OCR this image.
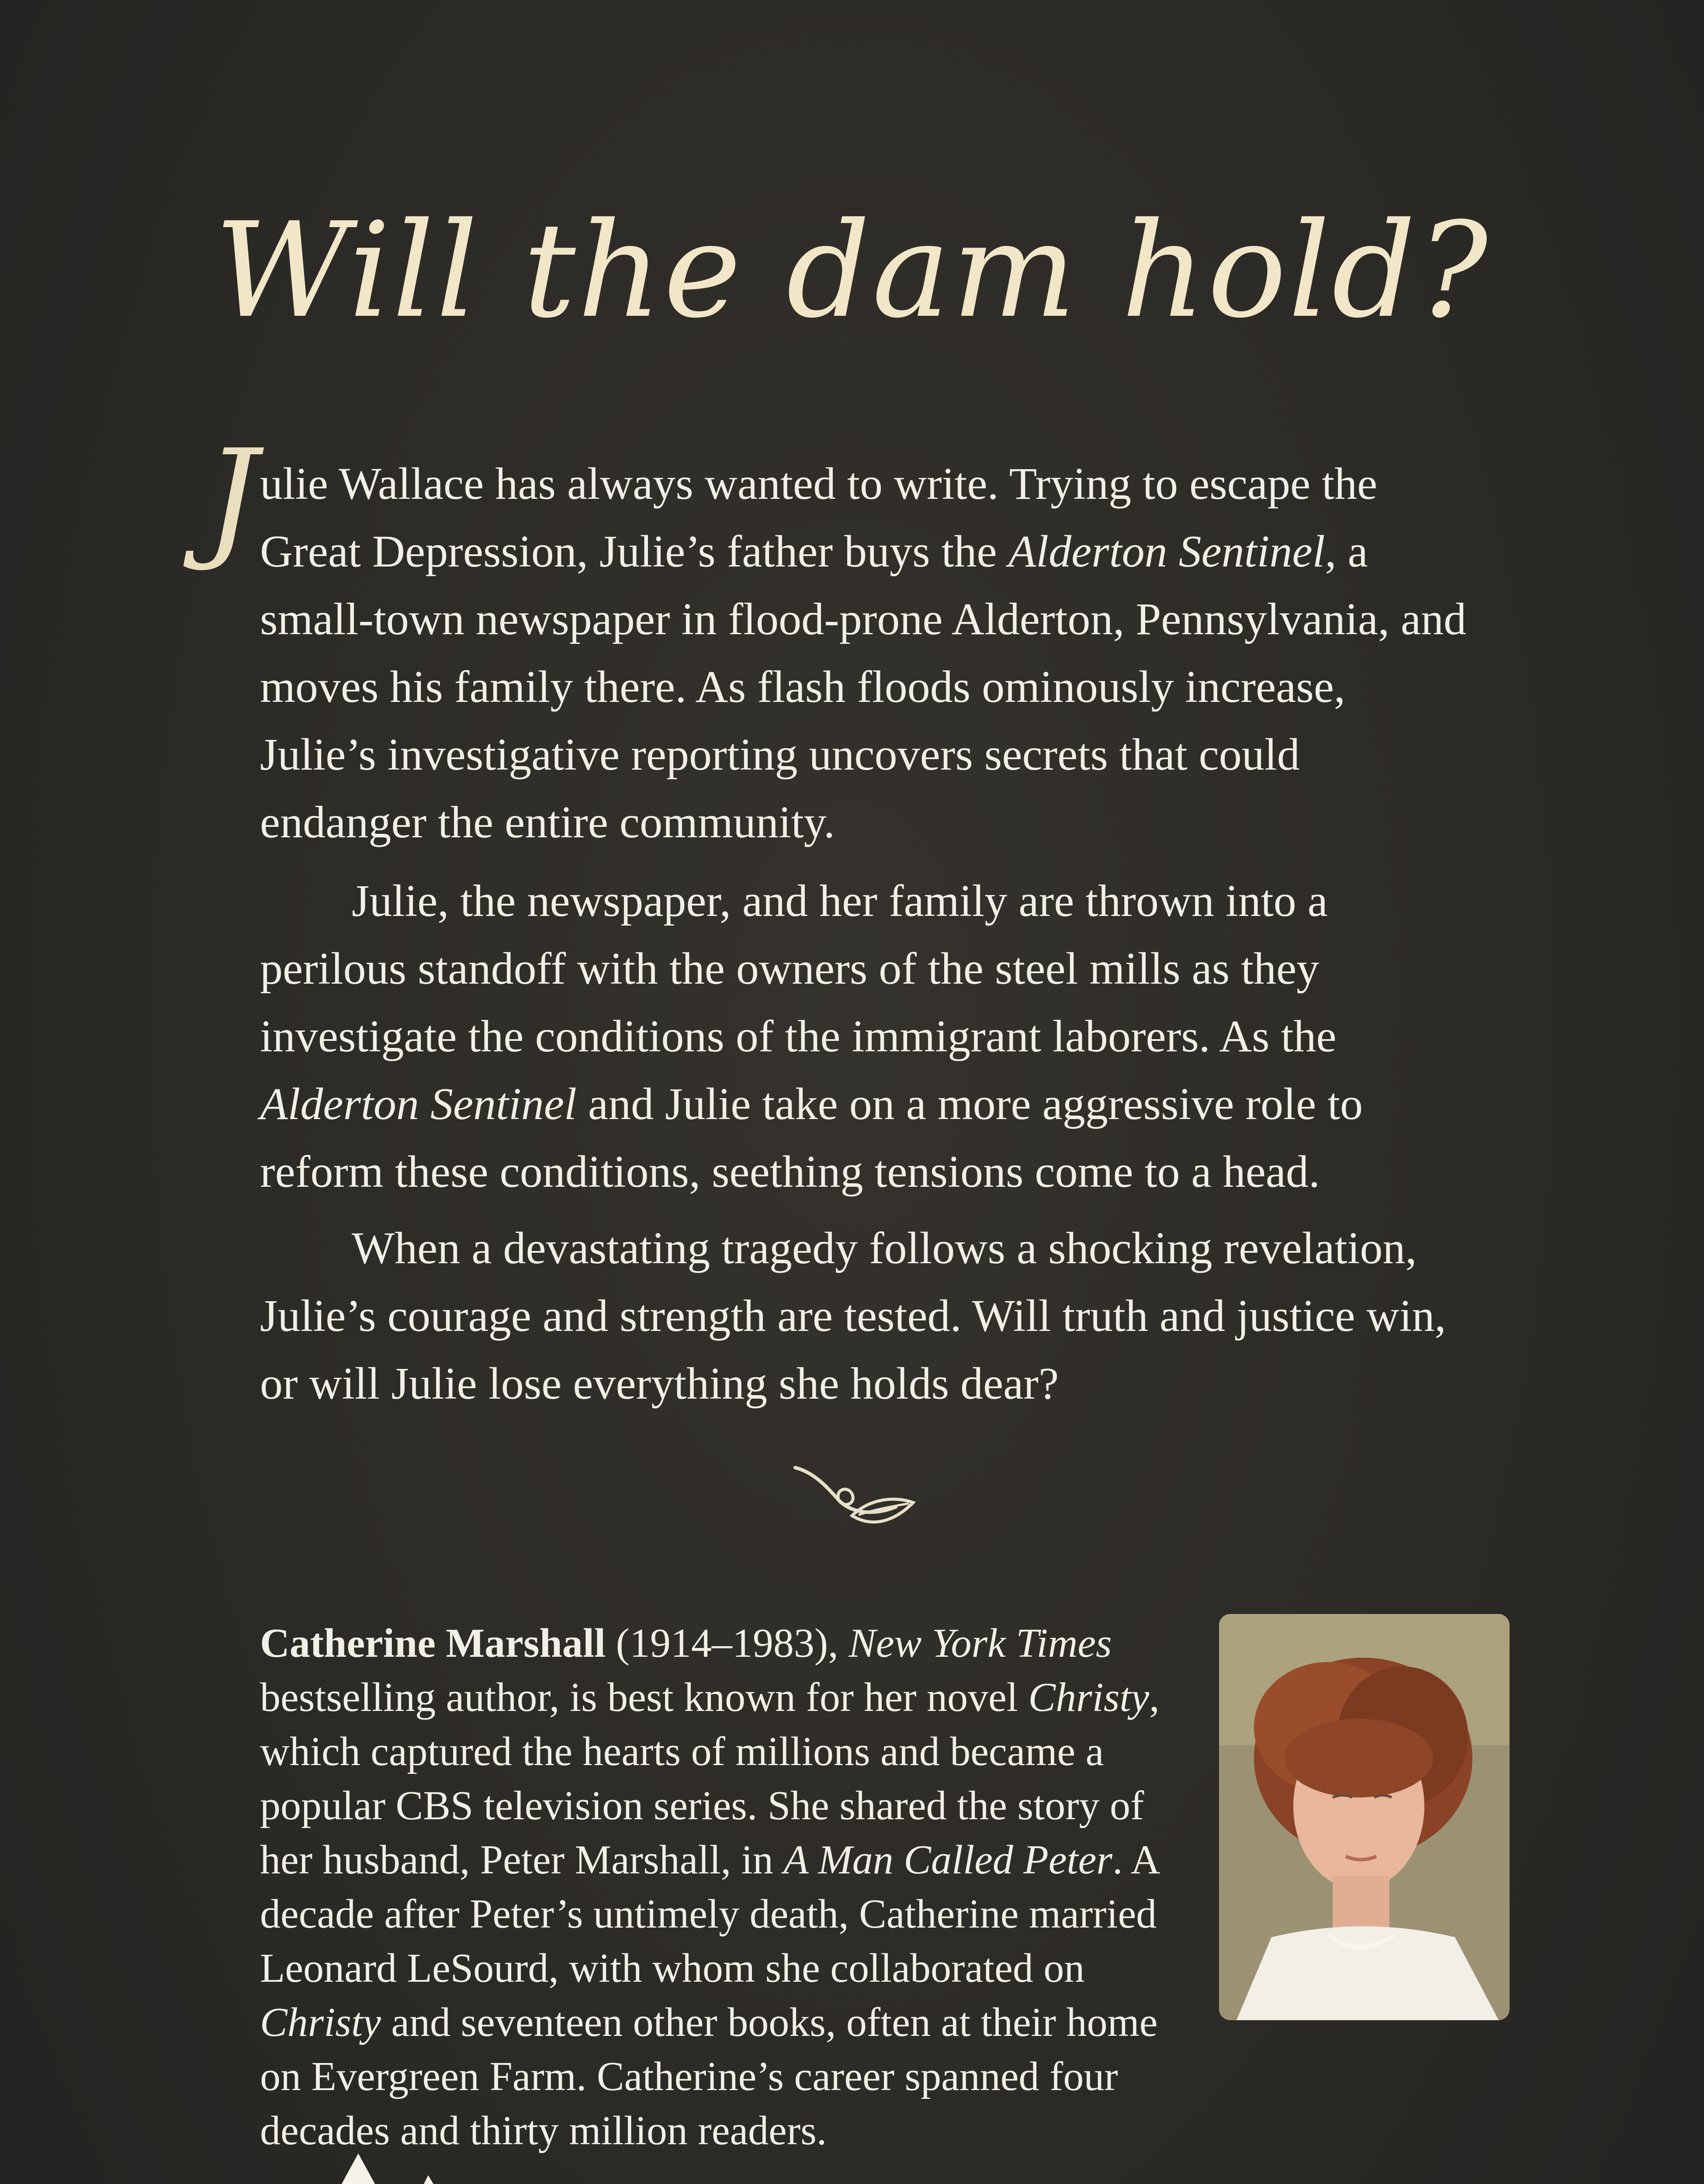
Will the dam hold?
J ulie Wallace has always wanted to write. Trying to escape the Great Depression, Julie’s father buys the Alderton Sentinel, a small-town newspaper in flood-prone Alderton, Pennsylvania, and moves his family there. As flash floods ominously increase, Julie’s investigative reporting uncovers secrets that could endanger the entire community.

Julie, the newspaper, and her family are thrown into a perilous standoff with the owners of the steel mills as they investigate the conditions of the immigrant laborers. As the Alderton Sentinel and Julie take on a more aggressive role to reform these conditions, seething tensions come to a head.

When a devastating tragedy follows a shocking revelation, Julie’s courage and strength are tested. Will truth and justice win, or will Julie lose everything she holds dear?

Catherine Marshall (1914–1983), New York Times bestselling author, is best known for her novel Christy, which captured the hearts of millions and became a popular CBS television series. She shared the story of her husband, Peter Marshall, in A Man Called Peter. A decade after Peter’s untimely death, Catherine married Leonard LeSourd, with whom she collaborated on Christy and seventeen other books, often at their home on Evergreen Farm. Catherine’s career spanned four decades and thirty million readers.
